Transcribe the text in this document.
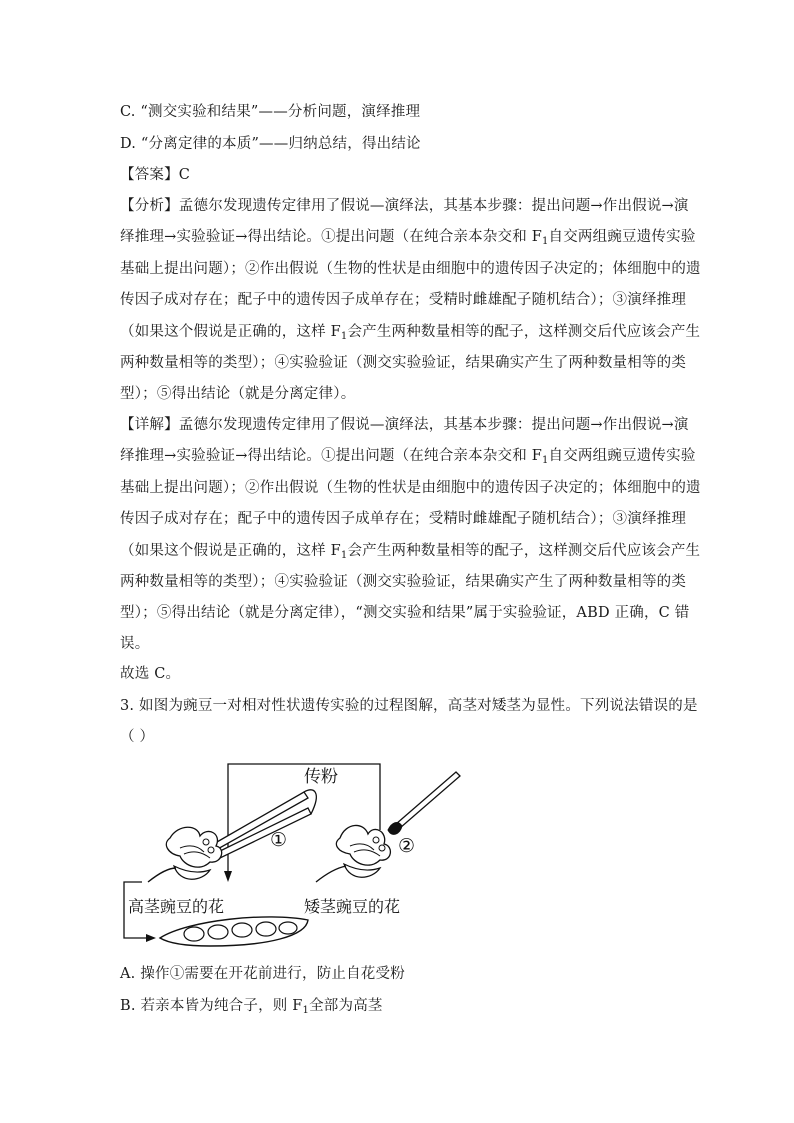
C. “测交实验和结果”——分析问题，演绎推理
D. “分离定律的本质”——归纳总结，得出结论
【答案】C
【分析】孟德尔发现遗传定律用了假说—演绎法，其基本步骤：提出问题→作出假说→演
绎推理→实验验证→得出结论。①提出问题（在纯合亲本杂交和 $F_1$自交两组豌豆遗传实验
基础上提出问题）；②作出假说（生物的性状是由细胞中的遗传因子决定的；体细胞中的遗
传因子成对存在；配子中的遗传因子成单存在；受精时雌雄配子随机结合）；③演绎推理
（如果这个假说是正确的，这样 $F_1$会产生两种数量相等的配子，这样测交后代应该会产生
两种数量相等的类型）；④实验验证（测交实验验证，结果确实产生了两种数量相等的类
型）；⑤得出结论（就是分离定律）。
【详解】孟德尔发现遗传定律用了假说—演绎法，其基本步骤：提出问题→作出假说→演
绎推理→实验验证→得出结论。①提出问题（在纯合亲本杂交和 $F_1$自交两组豌豆遗传实验
基础上提出问题）；②作出假说（生物的性状是由细胞中的遗传因子决定的；体细胞中的遗
传因子成对存在；配子中的遗传因子成单存在；受精时雌雄配子随机结合）；③演绎推理
（如果这个假说是正确的，这样 $F_1$会产生两种数量相等的配子，这样测交后代应该会产生
两种数量相等的类型）；④实验验证（测交实验验证，结果确实产生了两种数量相等的类
型）；⑤得出结论（就是分离定律），“测交实验和结果”属于实验验证，ABD 正确，C 错
误。
故选 C。
3. 如图为豌豆一对相对性状遗传实验的过程图解，高茎对矮茎为显性。下列说法错误的是
（ ）
传粉
①	②
高茎豌豆的花	矮茎豌豆的花
A. 操作①需要在开花前进行，防止自花受粉
B. 若亲本皆为纯合子，则 $F_1$全部为高茎
